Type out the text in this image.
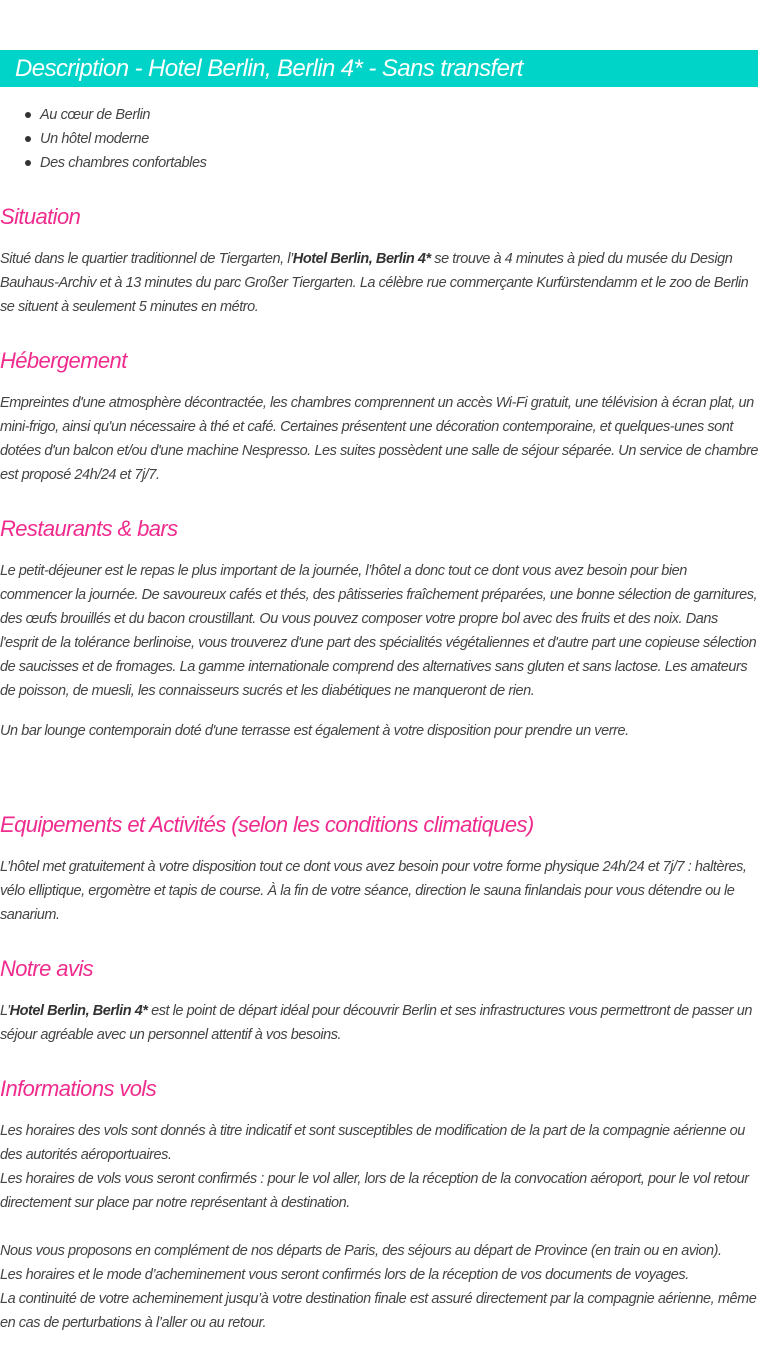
Description - Hotel Berlin, Berlin 4* - Sans transfert
Au cœur de Berlin
Un hôtel moderne
Des chambres confortables
Situation

Situé dans le quartier traditionnel de Tiergarten, l’Hotel Berlin, Berlin 4* se trouve à 4 minutes à pied du musée du Design Bauhaus-Archiv et à 13 minutes du parc Großer Tiergarten. La célèbre rue commerçante Kurfürstendamm et le zoo de Berlin se situent à seulement 5 minutes en métro.

Hébergement

Empreintes d'une atmosphère décontractée, les chambres comprennent un accès Wi-Fi gratuit, une télévision à écran plat, un mini-frigo, ainsi qu'un nécessaire à thé et café. Certaines présentent une décoration contemporaine, et quelques-unes sont dotées d'un balcon et/ou d'une machine Nespresso. Les suites possèdent une salle de séjour séparée. Un service de chambre est proposé 24h/24 et 7j/7.

Restaurants & bars

Le petit-déjeuner est le repas le plus important de la journée, l’hôtel a donc tout ce dont vous avez besoin pour bien commencer la journée. De savoureux cafés et thés, des pâtisseries fraîchement préparées, une bonne sélection de garnitures, des œufs brouillés et du bacon croustillant. Ou vous pouvez composer votre propre bol avec des fruits et des noix. Dans l'esprit de la tolérance berlinoise, vous trouverez d'une part des spécialités végétaliennes et d'autre part une copieuse sélection de saucisses et de fromages. La gamme internationale comprend des alternatives sans gluten et sans lactose. Les amateurs de poisson, de muesli, les connaisseurs sucrés et les diabétiques ne manqueront de rien.

Un bar lounge contemporain doté d'une terrasse est également à votre disposition pour prendre un verre.

Equipements et Activités (selon les conditions climatiques)

L’hôtel met gratuitement à votre disposition tout ce dont vous avez besoin pour votre forme physique 24h/24 et 7j/7 : haltères, vélo elliptique, ergomètre et tapis de course. À la fin de votre séance, direction le sauna finlandais pour vous détendre ou le sanarium.

Notre avis

L’Hotel Berlin, Berlin 4* est le point de départ idéal pour découvrir Berlin et ses infrastructures vous permettront de passer un séjour agréable avec un personnel attentif à vos besoins.

Informations vols
Les horaires des vols sont donnés à titre indicatif et sont susceptibles de modification de la part de la compagnie aérienne ou des autorités aéroportuaires.
Les horaires de vols vous seront confirmés : pour le vol aller, lors de la réception de la convocation aéroport, pour le vol retour directement sur place par notre représentant à destination.
Nous vous proposons en complément de nos départs de Paris, des séjours au départ de Province (en train ou en avion).
Les horaires et le mode d’acheminement vous seront confirmés lors de la réception de vos documents de voyages.
La continuité de votre acheminement jusqu’à votre destination finale est assuré directement par la compagnie aérienne, même en cas de perturbations à l’aller ou au retour.
